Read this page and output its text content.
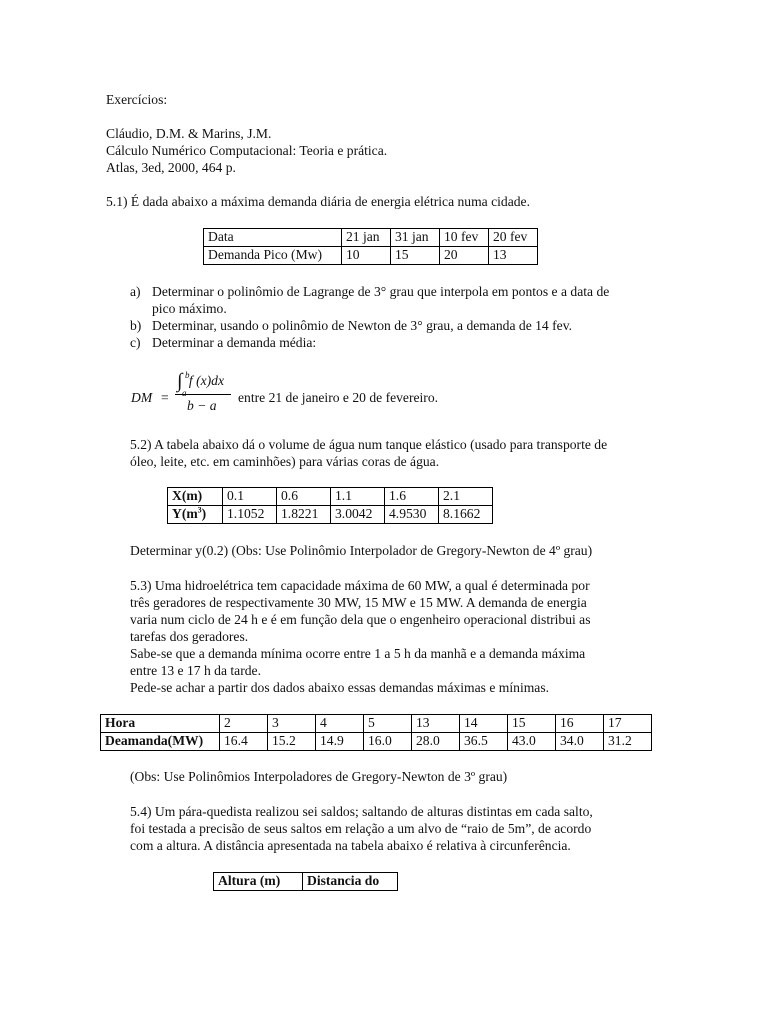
Exercícios:
Cláudio, D.M. & Marins, J.M.
Cálculo Numérico Computacional: Teoria e prática.
Atlas, 3ed, 2000, 464 p.
5.1) É dada abaixo a máxima demanda diária de energia elétrica numa cidade.
Data	21 jan	31 jan	10 fev	20 fev
Demanda Pico (Mw)	10	15	20	13
a) Determinar o polinômio de Lagrange de 3° grau que interpola em pontos e a data de
pico máximo.
b) Determinar, usando o polinômio de Newton de 3° grau, a demanda de 14 fev.
c) Determinar a demanda média:
DM =
∫ b
a
f (x)dx
b − a
entre 21 de janeiro e 20 de fevereiro.
5.2) A tabela abaixo dá o volume de água num tanque elástico (usado para transporte de
óleo, leite, etc. em caminhões) para várias coras de água.
X(m)	0.1	0.6	1.1	1.6	2.1
$Y(m^3)$	1.1052	1.8221	3.0042	4.9530	8.1662
Determinar y(0.2) (Obs: Use Polinômio Interpolador de Gregory-Newton de 4º grau)
5.3) Uma hidroelétrica tem capacidade máxima de 60 MW, a qual é determinada por
três geradores de respectivamente 30 MW, 15 MW e 15 MW. A demanda de energia
varia num ciclo de 24 h e é em função dela que o engenheiro operacional distribui as
tarefas dos geradores.
Sabe-se que a demanda mínima ocorre entre 1 a 5 h da manhã e a demanda máxima
entre 13 e 17 h da tarde.
Pede-se achar a partir dos dados abaixo essas demandas máximas e mínimas.
Hora	2	3	4	5	13	14	15	16	17
Deamanda(MW)	16.4	15.2	14.9	16.0	28.0	36.5	43.0	34.0	31.2
(Obs: Use Polinômios Interpoladores de Gregory-Newton de 3º grau)
5.4) Um pára-quedista realizou sei saldos; saltando de alturas distintas em cada salto,
foi testada a precisão de seus saltos em relação a um alvo de “raio de 5m”, de acordo
com a altura. A distância apresentada na tabela abaixo é relativa à circunferência.
Altura (m)	Distancia do
